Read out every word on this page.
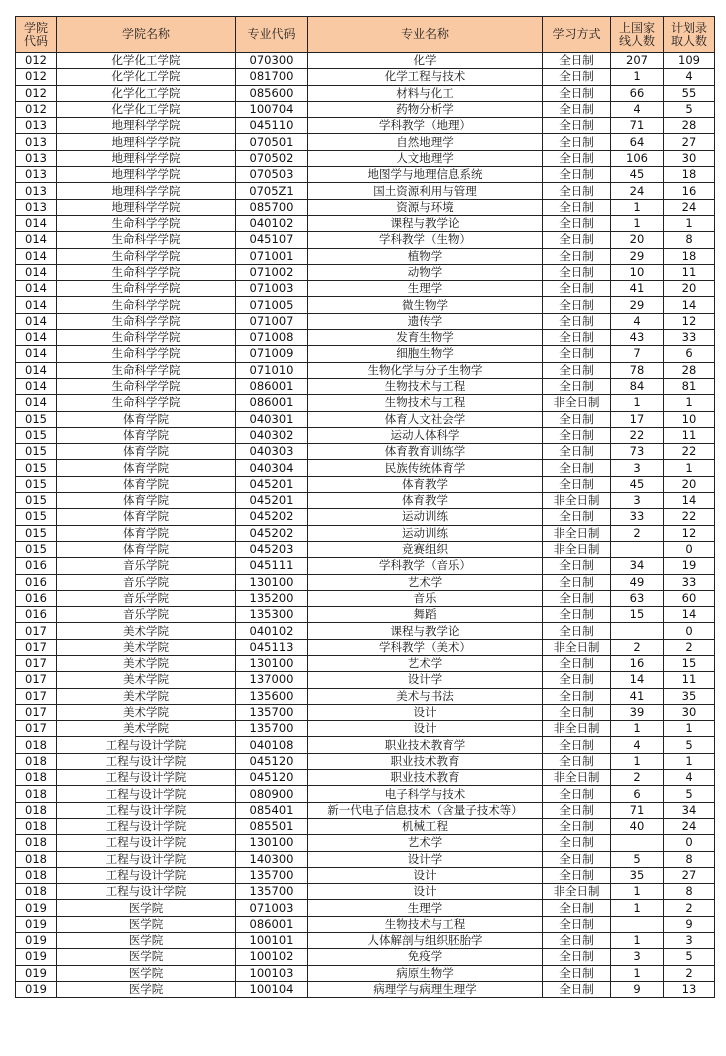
学院代码	学院名称	专业代码	专业名称	学习方式	上国家线人数	计划录取人数

012	化学化工学院	070300	化学	全日制	207	109
012	化学化工学院	081700	化学工程与技术	全日制	1	4
012	化学化工学院	085600	材料与化工	全日制	66	55
012	化学化工学院	100704	药物分析学	全日制	4	5
013	地理科学学院	045110	学科教学（地理）	全日制	71	28
013	地理科学学院	070501	自然地理学	全日制	64	27
013	地理科学学院	070502	人文地理学	全日制	106	30
013	地理科学学院	070503	地图学与地理信息系统	全日制	45	18
013	地理科学学院	0705Z1	国土资源利用与管理	全日制	24	16
013	地理科学学院	085700	资源与环境	全日制	1	24
014	生命科学学院	040102	课程与教学论	全日制	1	1
014	生命科学学院	045107	学科教学（生物）	全日制	20	8
014	生命科学学院	071001	植物学	全日制	29	18
014	生命科学学院	071002	动物学	全日制	10	11
014	生命科学学院	071003	生理学	全日制	41	20
014	生命科学学院	071005	微生物学	全日制	29	14
014	生命科学学院	071007	遗传学	全日制	4	12
014	生命科学学院	071008	发育生物学	全日制	43	33
014	生命科学学院	071009	细胞生物学	全日制	7	6
014	生命科学学院	071010	生物化学与分子生物学	全日制	78	28
014	生命科学学院	086001	生物技术与工程	全日制	84	81
014	生命科学学院	086001	生物技术与工程	非全日制	1	1
015	体育学院	040301	体育人文社会学	全日制	17	10
015	体育学院	040302	运动人体科学	全日制	22	11
015	体育学院	040303	体育教育训练学	全日制	73	22
015	体育学院	040304	民族传统体育学	全日制	3	1
015	体育学院	045201	体育教学	全日制	45	20
015	体育学院	045201	体育教学	非全日制	3	14
015	体育学院	045202	运动训练	全日制	33	22
015	体育学院	045202	运动训练	非全日制	2	12
015	体育学院	045203	竞赛组织	非全日制		0
016	音乐学院	045111	学科教学（音乐）	全日制	34	19
016	音乐学院	130100	艺术学	全日制	49	33
016	音乐学院	135200	音乐	全日制	63	60
016	音乐学院	135300	舞蹈	全日制	15	14
017	美术学院	040102	课程与教学论	全日制		0
017	美术学院	045113	学科教学（美术）	非全日制	2	2
017	美术学院	130100	艺术学	全日制	16	15
017	美术学院	137000	设计学	全日制	14	11
017	美术学院	135600	美术与书法	全日制	41	35
017	美术学院	135700	设计	全日制	39	30
017	美术学院	135700	设计	非全日制	1	1
018	工程与设计学院	040108	职业技术教育学	全日制	4	5
018	工程与设计学院	045120	职业技术教育	全日制	1	1
018	工程与设计学院	045120	职业技术教育	非全日制	2	4
018	工程与设计学院	080900	电子科学与技术	全日制	6	5
018	工程与设计学院	085401	新一代电子信息技术（含量子技术等）	全日制	71	34
018	工程与设计学院	085501	机械工程	全日制	40	24
018	工程与设计学院	130100	艺术学	全日制		0
018	工程与设计学院	140300	设计学	全日制	5	8
018	工程与设计学院	135700	设计	全日制	35	27
018	工程与设计学院	135700	设计	非全日制	1	8
019	医学院	071003	生理学	全日制	1	2
019	医学院	086001	生物技术与工程	全日制		9
019	医学院	100101	人体解剖与组织胚胎学	全日制	1	3
019	医学院	100102	免疫学	全日制	3	5
019	医学院	100103	病原生物学	全日制	1	2
019	医学院	100104	病理学与病理生理学	全日制	9	13
